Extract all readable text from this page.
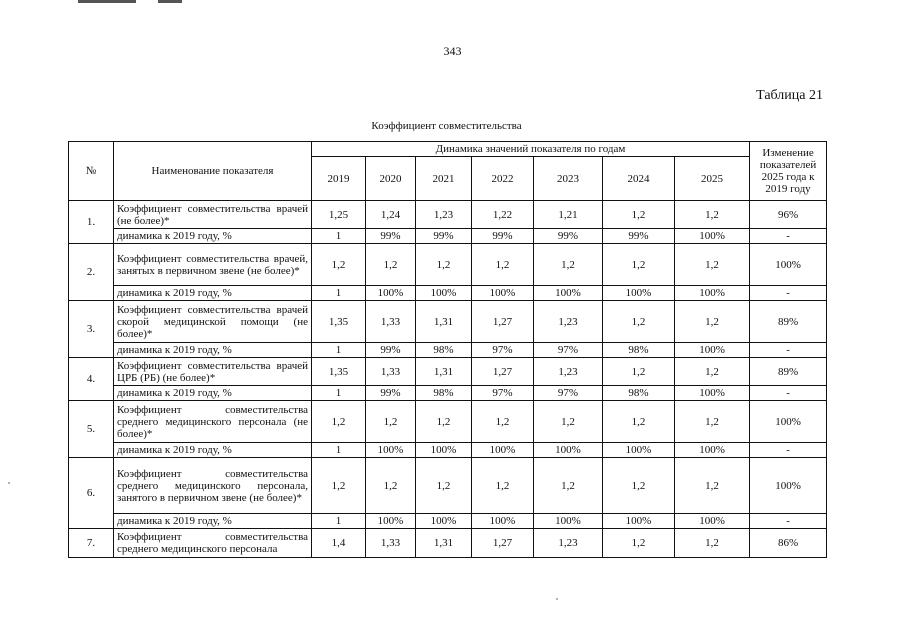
343
Таблица 21
Коэффициент совместительства
№	Наименование показателя	Динамика значений показателя по годам							Изменение показателей 2025 года к 2019 году
		2019	2020	2021	2022	2023	2024	2025	
1.	Коэффициент совместительства врачей (не более)*	1,25	1,24	1,23	1,22	1,21	1,2	1,2	96%
	динамика к 2019 году, %	1	99%	99%	99%	99%	99%	100%	-
2.	Коэффициент совместительства врачей, занятых в первичном звене (не более)*	1,2	1,2	1,2	1,2	1,2	1,2	1,2	100%
	динамика к 2019 году, %	1	100%	100%	100%	100%	100%	100%	-
3.	Коэффициент совместительства врачей скорой медицинской помощи (не более)*	1,35	1,33	1,31	1,27	1,23	1,2	1,2	89%
	динамика к 2019 году, %	1	99%	98%	97%	97%	98%	100%	-
4.	Коэффициент совместительства врачей ЦРБ (РБ) (не более)*	1,35	1,33	1,31	1,27	1,23	1,2	1,2	89%
	динамика к 2019 году, %	1	99%	98%	97%	97%	98%	100%	-
5.	Коэффициент совместительства среднего медицинского персонала (не более)*	1,2	1,2	1,2	1,2	1,2	1,2	1,2	100%
	динамика к 2019 году, %	1	100%	100%	100%	100%	100%	100%	-
6.	Коэффициент совместительства среднего медицинского персонала, занятого в первичном звене (не более)*	1,2	1,2	1,2	1,2	1,2	1,2	1,2	100%
	динамика к 2019 году, %	1	100%	100%	100%	100%	100%	100%	-
7.	Коэффициент совместительства среднего медицинского персонала	1,4	1,33	1,31	1,27	1,23	1,2	1,2	86%
